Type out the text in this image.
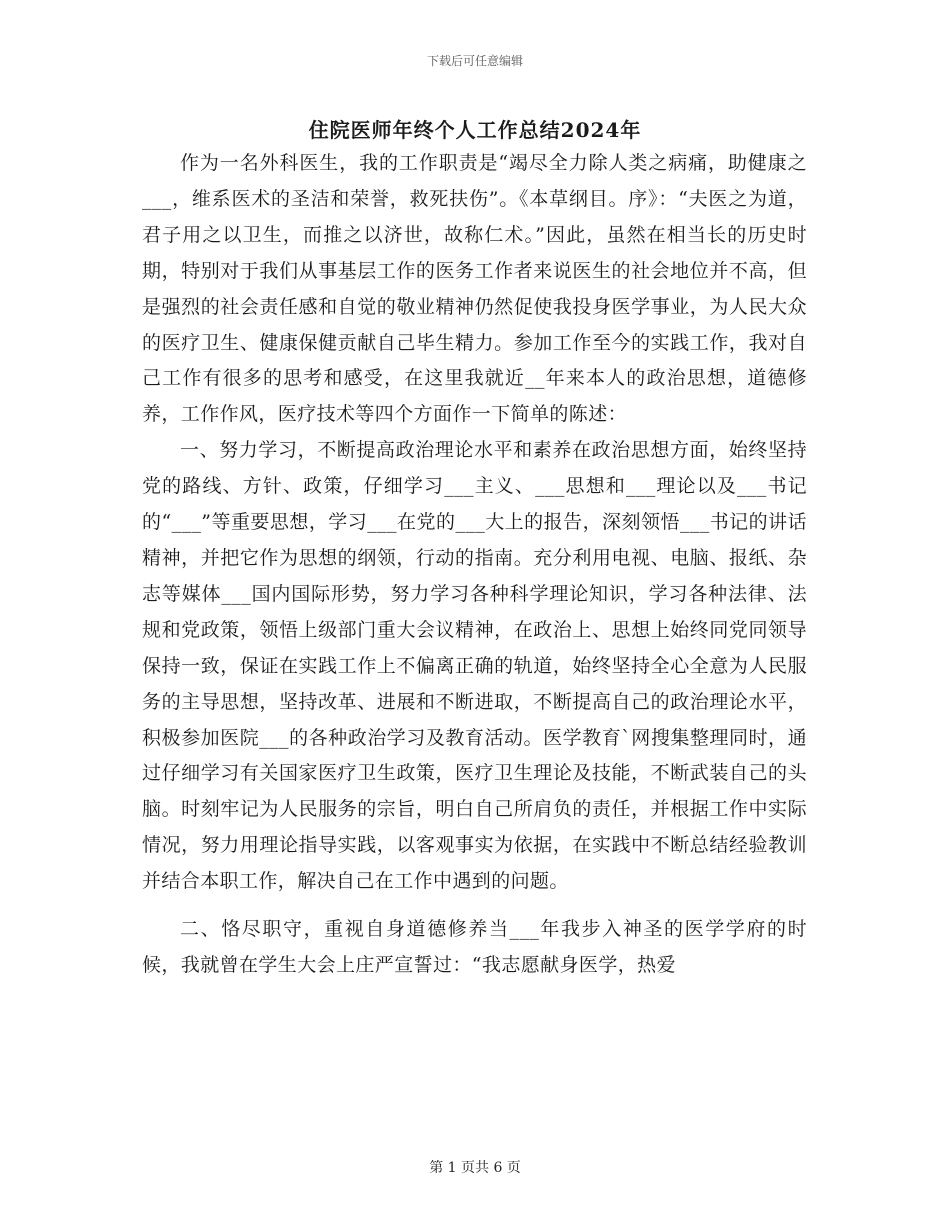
下载后可任意编辑
住院医师年终个人工作总结2024年

作为一名外科医生，我的工作职责是“竭尽全力除人类之病痛，助健康之___，维系医术的圣洁和荣誉，救死扶伤”。《本草纲目。序》：“夫医之为道，君子用之以卫生，而推之以济世，故称仁术。”因此，虽然在相当长的历史时期，特别对于我们从事基层工作的医务工作者来说医生的社会地位并不高，但是强烈的社会责任感和自觉的敬业精神仍然促使我投身医学事业，为人民大众的医疗卫生、健康保健贡献自己毕生精力。参加工作至今的实践工作，我对自己工作有很多的思考和感受，在这里我就近__年来本人的政治思想，道德修养，工作作风，医疗技术等四个方面作一下简单的陈述：

一、努力学习，不断提高政治理论水平和素养在政治思想方面，始终坚持党的路线、方针、政策，仔细学习___主义、___思想和___理论以及___书记的“___”等重要思想，学习___在党的___大上的报告，深刻领悟___书记的讲话精神，并把它作为思想的纲领，行动的指南。充分利用电视、电脑、报纸、杂志等媒体___国内国际形势，努力学习各种科学理论知识，学习各种法律、法规和党政策，领悟上级部门重大会议精神，在政治上、思想上始终同党同领导保持一致，保证在实践工作上不偏离正确的轨道，始终坚持全心全意为人民服务的主导思想，坚持改革、进展和不断进取，不断提高自己的政治理论水平，积极参加医院___的各种政治学习及教育活动。医学教育`网搜集整理同时，通过仔细学习有关国家医疗卫生政策，医疗卫生理论及技能，不断武装自己的头脑。时刻牢记为人民服务的宗旨，明白自己所肩负的责任，并根据工作中实际情况，努力用理论指导实践，以客观事实为依据，在实践中不断总结经验教训并结合本职工作，解决自己在工作中遇到的问题。

二、恪尽职守，重视自身道德修养当___年我步入神圣的医学学府的时候，我就曾在学生大会上庄严宣誓过：“我志愿献身医学，热爱

第 1 页共 6 页
